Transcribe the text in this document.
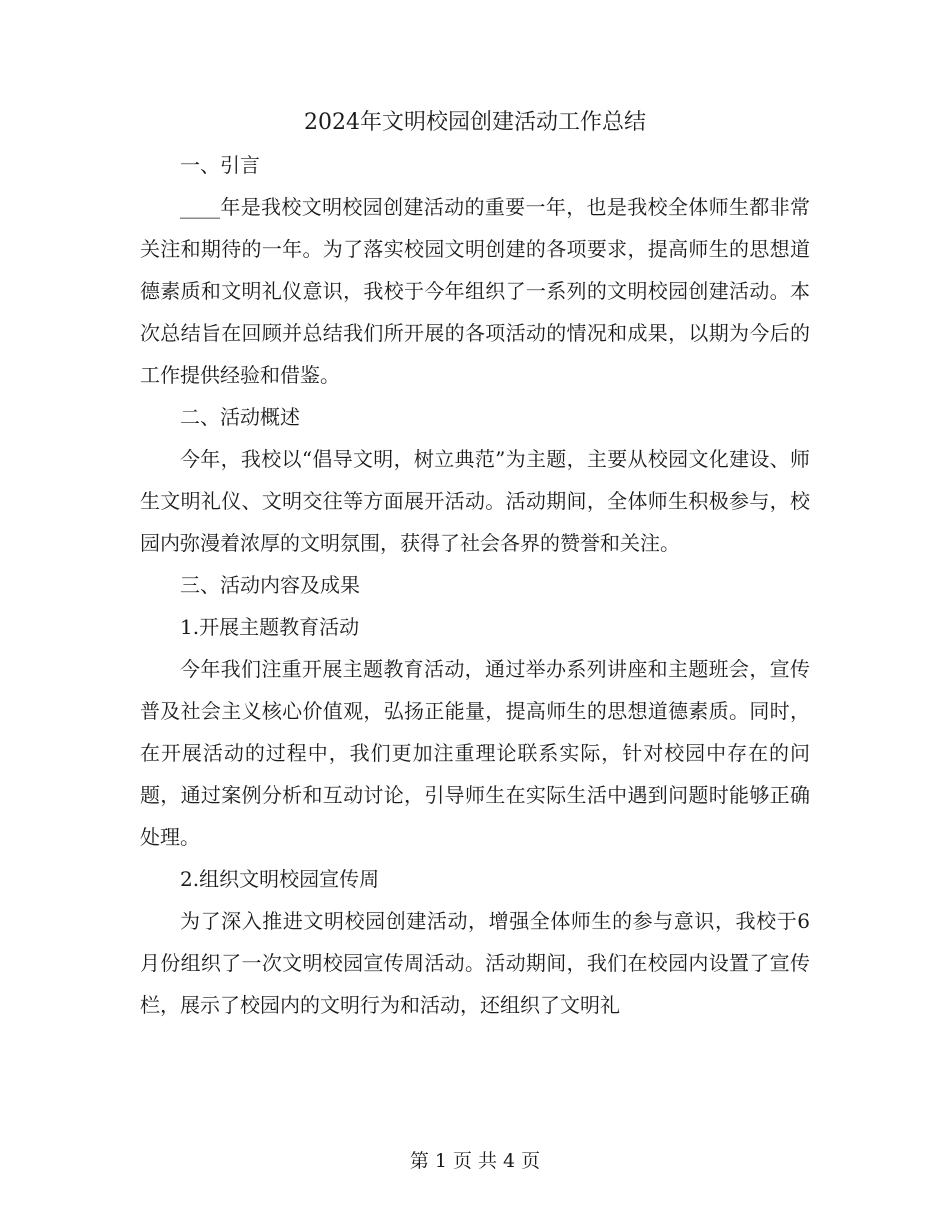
2024年文明校园创建活动工作总结

一、引言

____年是我校文明校园创建活动的重要一年，也是我校全体师生都非常关注和期待的一年。为了落实校园文明创建的各项要求，提高师生的思想道德素质和文明礼仪意识，我校于今年组织了一系列的文明校园创建活动。本次总结旨在回顾并总结我们所开展的各项活动的情况和成果，以期为今后的工作提供经验和借鉴。

二、活动概述

今年，我校以“倡导文明，树立典范”为主题，主要从校园文化建设、师生文明礼仪、文明交往等方面展开活动。活动期间，全体师生积极参与，校园内弥漫着浓厚的文明氛围，获得了社会各界的赞誉和关注。

三、活动内容及成果

1.开展主题教育活动

今年我们注重开展主题教育活动，通过举办系列讲座和主题班会，宣传普及社会主义核心价值观，弘扬正能量，提高师生的思想道德素质。同时，在开展活动的过程中，我们更加注重理论联系实际，针对校园中存在的问题，通过案例分析和互动讨论，引导师生在实际生活中遇到问题时能够正确处理。

2.组织文明校园宣传周

为了深入推进文明校园创建活动，增强全体师生的参与意识，我校于6月份组织了一次文明校园宣传周活动。活动期间，我们在校园内设置了宣传栏，展示了校园内的文明行为和活动，还组织了文明礼

第 1 页 共 4 页
